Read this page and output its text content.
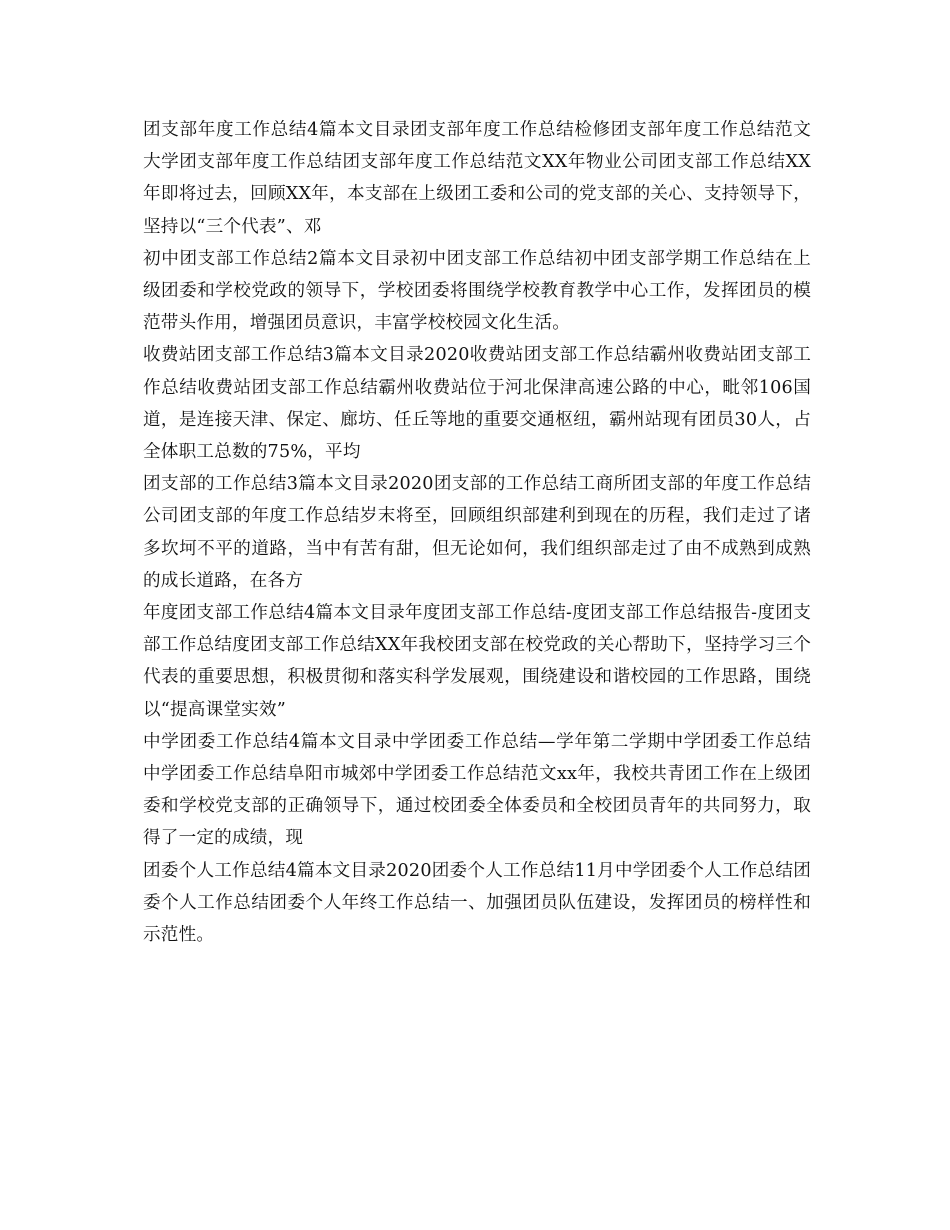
团支部年度工作总结4篇本文目录团支部年度工作总结检修团支部年度工作总结范文大学团支部年度工作总结团支部年度工作总结范文XX年物业公司团支部工作总结XX年即将过去，回顾XX年，本支部在上级团工委和公司的党支部的关心、支持领导下，坚持以“三个代表”、邓

初中团支部工作总结2篇本文目录初中团支部工作总结初中团支部学期工作总结在上级团委和学校党政的领导下，学校团委将围绕学校教育教学中心工作，发挥团员的模范带头作用，增强团员意识，丰富学校校园文化生活。

收费站团支部工作总结3篇本文目录2020收费站团支部工作总结霸州收费站团支部工作总结收费站团支部工作总结霸州收费站位于河北保津高速公路的中心，毗邻106国道，是连接天津、保定、廊坊、任丘等地的重要交通枢纽，霸州站现有团员30人，占全体职工总数的75%，平均

团支部的工作总结3篇本文目录2020团支部的工作总结工商所团支部的年度工作总结公司团支部的年度工作总结岁末将至，回顾组织部建利到现在的历程，我们走过了诸多坎坷不平的道路，当中有苦有甜，但无论如何，我们组织部走过了由不成熟到成熟的成长道路，在各方

年度团支部工作总结4篇本文目录年度团支部工作总结-度团支部工作总结报告-度团支部工作总结度团支部工作总结XX年我校团支部在校党政的关心帮助下，坚持学习三个代表的重要思想，积极贯彻和落实科学发展观，围绕建设和谐校园的工作思路，围绕以“提高课堂实效”

中学团委工作总结4篇本文目录中学团委工作总结—学年第二学期中学团委工作总结中学团委工作总结阜阳市城郊中学团委工作总结范文xx年，我校共青团工作在上级团委和学校党支部的正确领导下，通过校团委全体委员和全校团员青年的共同努力，取得了一定的成绩，现

团委个人工作总结4篇本文目录2020团委个人工作总结11月中学团委个人工作总结团委个人工作总结团委个人年终工作总结一、加强团员队伍建设，发挥团员的榜样性和示范性。
